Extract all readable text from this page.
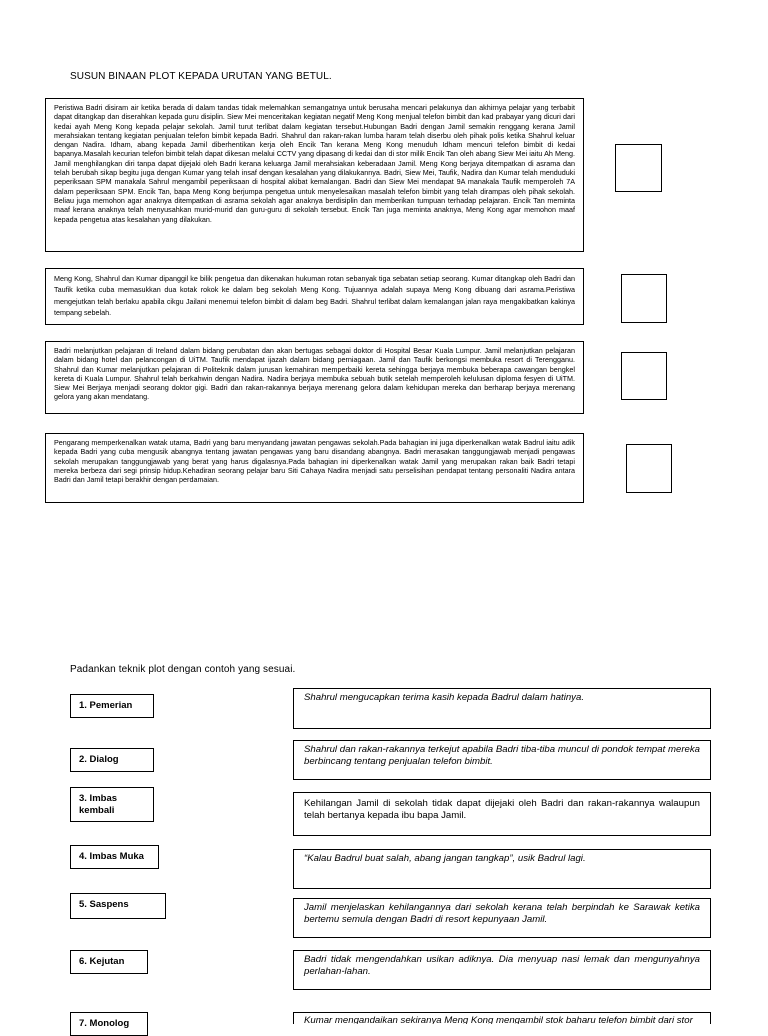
SUSUN BINAAN PLOT KEPADA URUTAN YANG BETUL.
Peristiwa Badri disiram air ketika berada di dalam tandas tidak melemahkan semangatnya untuk berusaha mencari pelakunya dan akhirnya pelajar yang terbabit dapat ditangkap dan diserahkan kepada guru disiplin. Siew Mei menceritakan kegiatan negatif Meng Kong menjual telefon bimbit dan kad prabayar yang dicuri dari kedai ayah Meng Kong kepada pelajar sekolah. Jamil turut terlibat dalam kegiatan tersebut.Hubungan Badri dengan Jamil semakin renggang kerana Jamil merahsiakan tentang kegiatan penjualan telefon bimbit kepada Badri. Shahrul dan rakan-rakan lumba haram telah diserbu oleh pihak polis ketika Shahrul keluar dengan Nadira. Idham, abang kepada Jamil diberhentikan kerja oleh Encik Tan kerana Meng Kong menuduh Idham mencuri telefon bimbit di kedai bapanya.Masalah kecurian telefon bimbit telah dapat dikesan melalui CCTV yang dipasang di kedai dan di stor milik Encik Tan oleh abang Siew Mei iaitu Ah Meng. Jamil menghilangkan diri tanpa dapat dijejaki oleh Badri kerana keluarga Jamil merahsiakan keberadaan Jamil. Meng Kong berjaya ditempatkan di asrama dan telah berubah sikap begitu juga dengan Kumar yang telah insaf dengan kesalahan yang dilakukannya. Badri, Siew Mei, Taufik, Nadira dan Kumar telah menduduki peperiksaan SPM manakala Sahrul mengambil peperiksaan di hospital akibat kemalangan. Badri dan Siew Mei mendapat 9A manakala Taufik memperoleh 7A dalam peperiksaan SPM. Encik Tan, bapa Meng Kong berjumpa pengetua untuk menyelesaikan masalah telefon bimbit yang telah dirampas oleh pihak sekolah. Beliau juga memohon agar anaknya ditempatkan di asrama sekolah agar anaknya berdisiplin dan memberikan tumpuan terhadap pelajaran. Encik Tan meminta maaf kerana anaknya telah menyusahkan murid-murid dan guru-guru di sekolah tersebut. Encik Tan juga meminta anaknya, Meng Kong agar memohon maaf kepada pengetua atas kesalahan yang dilakukan.
Meng Kong, Shahrul dan Kumar dipanggil ke bilik pengetua dan dikenakan hukuman rotan sebanyak tiga sebatan setiap seorang. Kumar ditangkap oleh Badri dan Taufik ketika cuba memasukkan dua kotak rokok ke dalam beg sekolah Meng Kong. Tujuannya adalah supaya Meng Kong dibuang dari asrama.Peristiwa mengejutkan telah berlaku apabila cikgu Jailani menemui telefon bimbit di dalam beg Badri. Shahrul terlibat dalam kemalangan jalan raya mengakibatkan kakinya tempang sebelah.
Badri melanjutkan pelajaran di Ireland dalam bidang perubatan dan akan bertugas sebagai doktor di Hospital Besar Kuala Lumpur. Jamil melanjutkan pelajaran dalam bidang hotel dan pelancongan di UiTM. Taufik mendapat ijazah dalam bidang perniagaan. Jamil dan Taufik berkongsi membuka resort di Terengganu. Shahrul dan Kumar melanjutkan pelajaran di Politeknik dalam jurusan kemahiran memperbaiki kereta sehingga berjaya membuka beberapa cawangan bengkel kereta di Kuala Lumpur. Shahrul telah berkahwin dengan Nadira. Nadira berjaya membuka sebuah butik setelah memperoleh kelulusan diploma fesyen di UiTM. Siew Mei Berjaya menjadi seorang doktor gigi. Badri dan rakan-rakannya berjaya merenang gelora dalam kehidupan mereka dan berharap berjaya merenang gelora yang akan mendatang.
Pengarang memperkenalkan watak utama, Badri yang baru menyandang jawatan pengawas sekolah.Pada bahagian ini juga diperkenalkan watak Badrul iaitu adik kepada Badri yang cuba mengusik abangnya tentang jawatan pengawas yang baru disandang abangnya. Badri merasakan tanggungjawab menjadi pengawas sekolah merupakan tanggungjawab yang berat yang harus digalasnya.Pada bahagian ini diperkenalkan watak Jamil yang merupakan rakan baik Badri tetapi mereka berbeza dari segi prinsip hidup.Kehadiran seorang pelajar baru Siti Cahaya Nadira menjadi satu perselisihan pendapat tentang personaliti Nadira antara Badri dan Jamil tetapi berakhir dengan perdamaian.
Padankan teknik plot dengan contoh yang sesuai.
1. Pemerian
2. Dialog
3. Imbas kembali
4. Imbas Muka
5. Saspens
6. Kejutan
7. Monolog
Shahrul mengucapkan terima kasih kepada Badrul dalam hatinya.
Shahrul dan rakan-rakannya terkejut apabila Badri tiba-tiba muncul di pondok tempat mereka berbincang tentang penjualan telefon bimbit.
Kehilangan Jamil di sekolah tidak dapat dijejaki oleh Badri dan rakan-rakannya walaupun telah bertanya kepada ibu bapa Jamil.
“Kalau Badrul buat salah, abang jangan tangkap”, usik Badrul lagi.
Jamil menjelaskan kehilangannya dari sekolah kerana telah berpindah ke Sarawak ketika bertemu semula dengan Badri di resort kepunyaan Jamil.
Badri tidak mengendahkan usikan adiknya. Dia menyuap nasi lemak dan mengunyahnya perlahan-lahan.
Kumar mengandaikan sekiranya Meng Kong mengambil stok baharu telefon bimbit dari stor
